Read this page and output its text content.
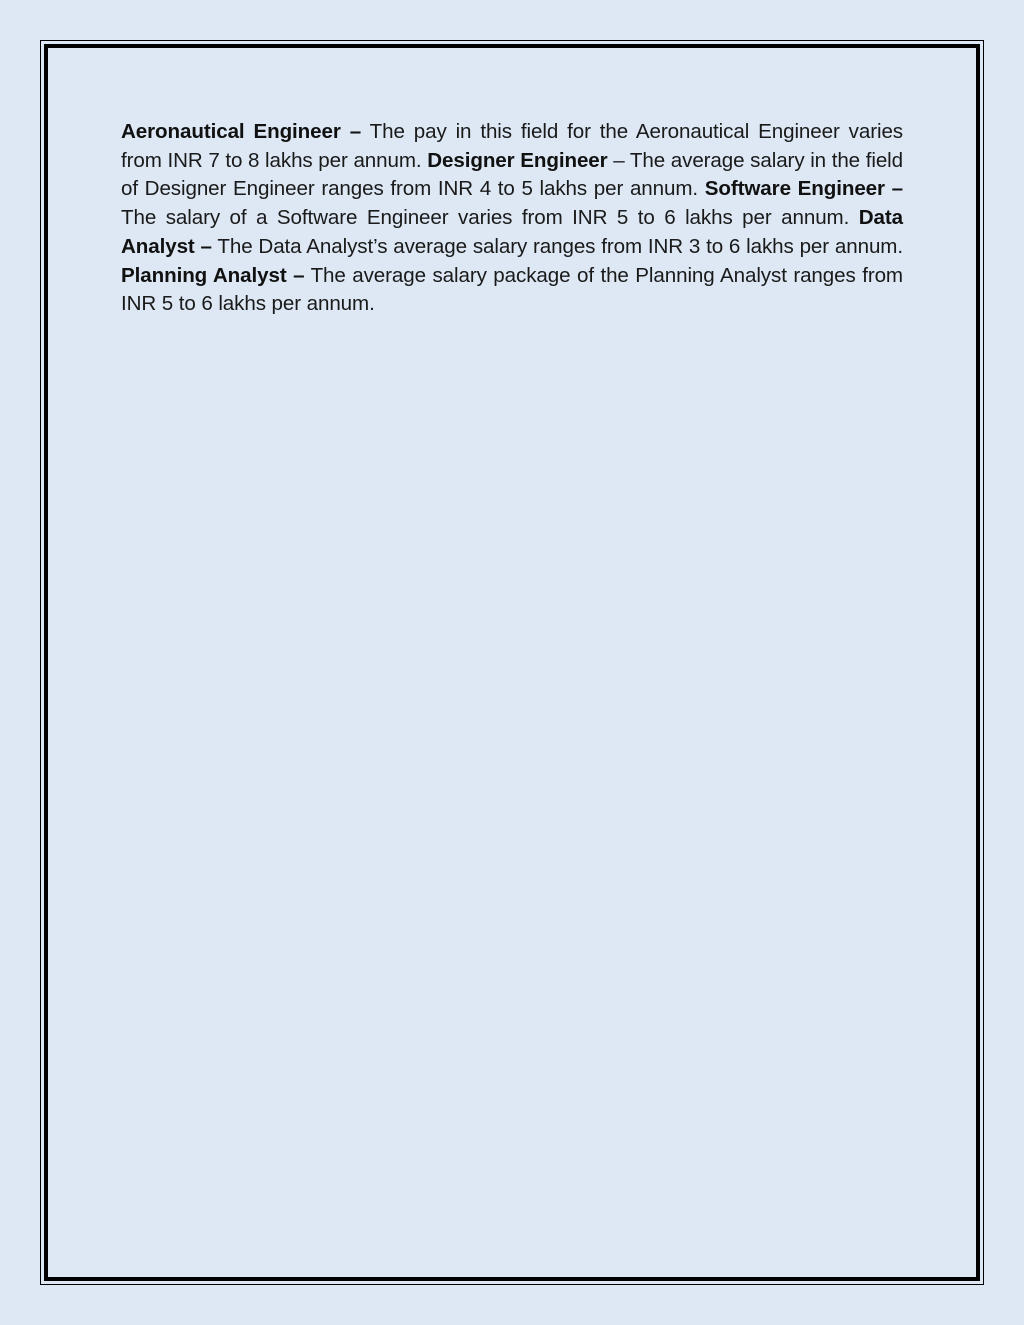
Aeronautical Engineer – The pay in this field for the Aeronautical Engineer varies from INR 7 to 8 lakhs per annum. Designer Engineer – The average salary in the field of Designer Engineer ranges from INR 4 to 5 lakhs per annum. Software Engineer – The salary of a Software Engineer varies from INR 5 to 6 lakhs per annum. Data Analyst – The Data Analyst’s average salary ranges from INR 3 to 6 lakhs per annum. Planning Analyst – The average salary package of the Planning Analyst ranges from INR 5 to 6 lakhs per annum.
